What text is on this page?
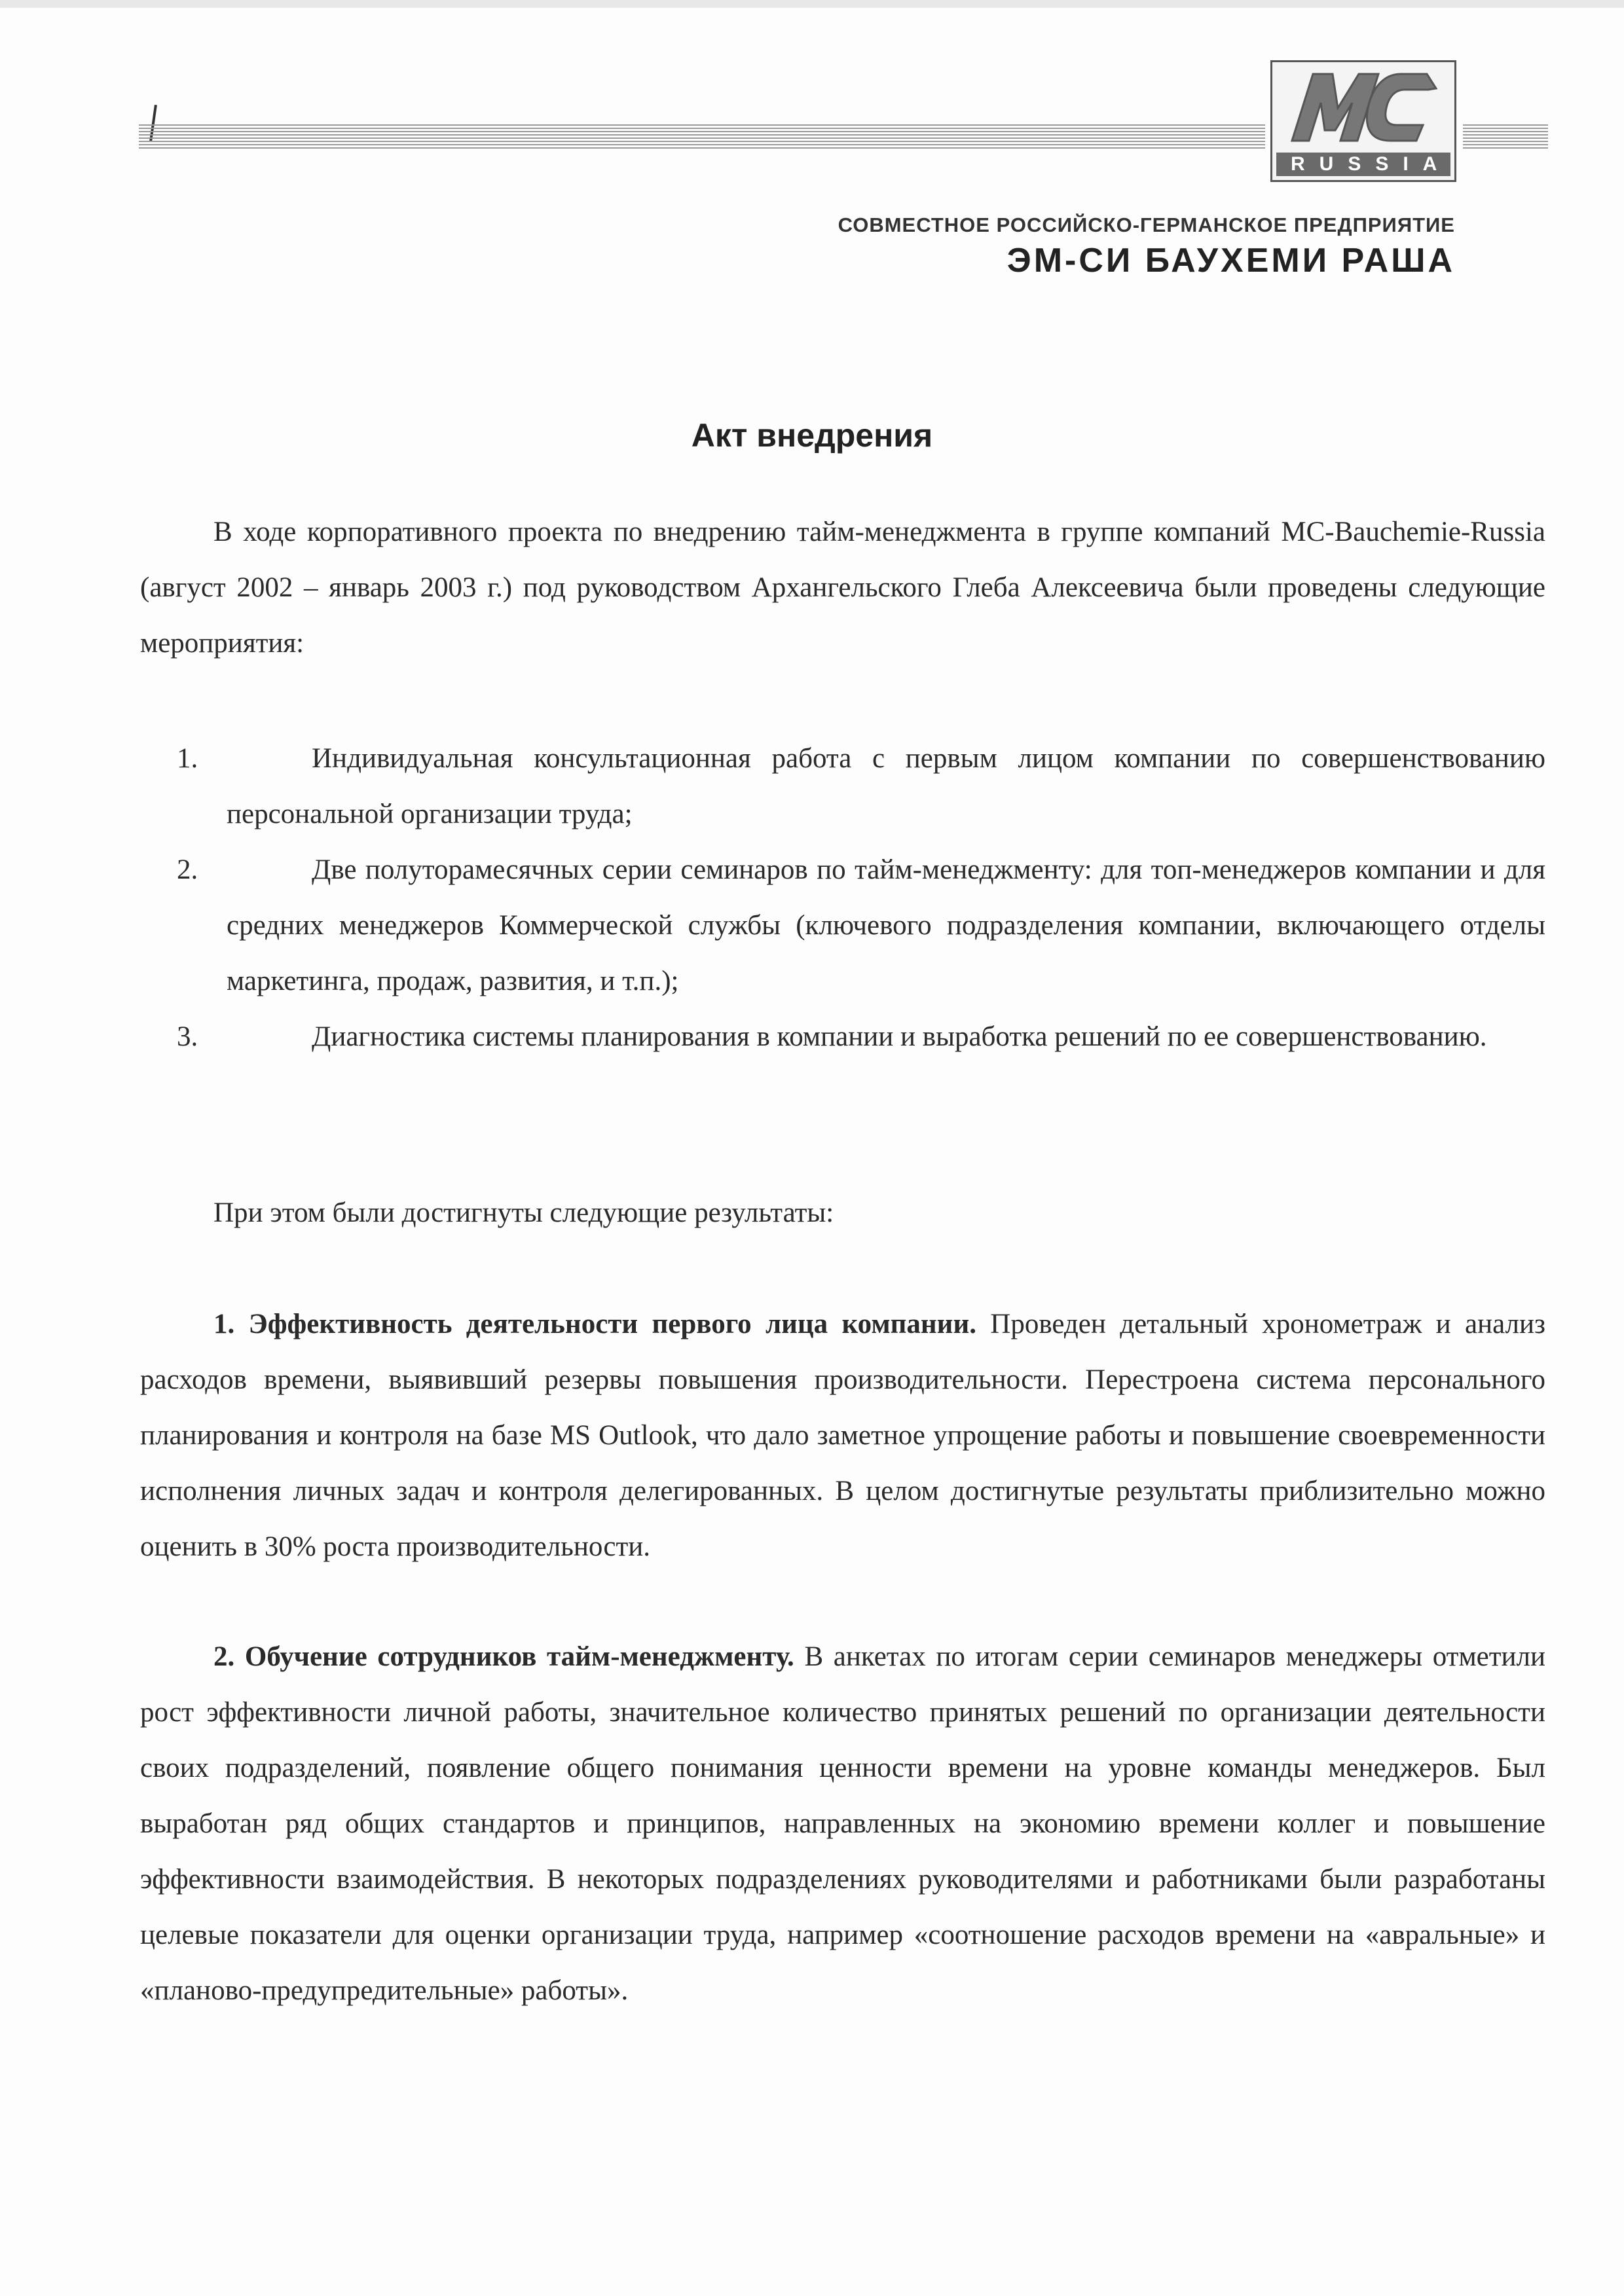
RUSSIA
СОВМЕСТНОЕ РОССИЙСКО-ГЕРМАНСКОЕ ПРЕДПРИЯТИЕ
ЭМ-СИ БАУХЕМИ РАША
Акт внедрения
В ходе корпоративного проекта по внедрению тайм-менеджмента в группе компаний МС-Bauchemie-Russia (август 2002 – январь 2003 г.) под руководством Архангельского Глеба Алексеевича были проведены следующие мероприятия:
1.	Индивидуальная консультационная работа с первым лицом компании по совершенствованию персональной организации труда;
2.	Две полуторамесячных серии семинаров по тайм-менеджменту: для топ-менеджеров компании и для средних менеджеров Коммерческой службы (ключевого подразделения компании, включающего отделы маркетинга, продаж, развития, и т.п.);
3.	Диагностика системы планирования в компании и выработка решений по ее совершенствованию.
При этом были достигнуты следующие результаты:
1. Эффективность деятельности первого лица компании. Проведен детальный хронометраж и анализ расходов времени, выявивший резервы повышения производительности. Перестроена система персонального планирования и контроля на базе MS Outlook, что дало заметное упрощение работы и повышение своевременности исполнения личных задач и контроля делегированных. В целом достигнутые результаты приблизительно можно оценить в 30% роста производительности.
2. Обучение сотрудников тайм-менеджменту. В анкетах по итогам серии семинаров менеджеры отметили рост эффективности личной работы, значительное количество принятых решений по организации деятельности своих подразделений, появление общего понимания ценности времени на уровне команды менеджеров. Был выработан ряд общих стандартов и принципов, направленных на экономию времени коллег и повышение эффективности взаимодействия. В некоторых подразделениях руководителями и работниками были разработаны целевые показатели для оценки организации труда, например «соотношение расходов времени на «авральные» и «планово-предупредительные» работы».
